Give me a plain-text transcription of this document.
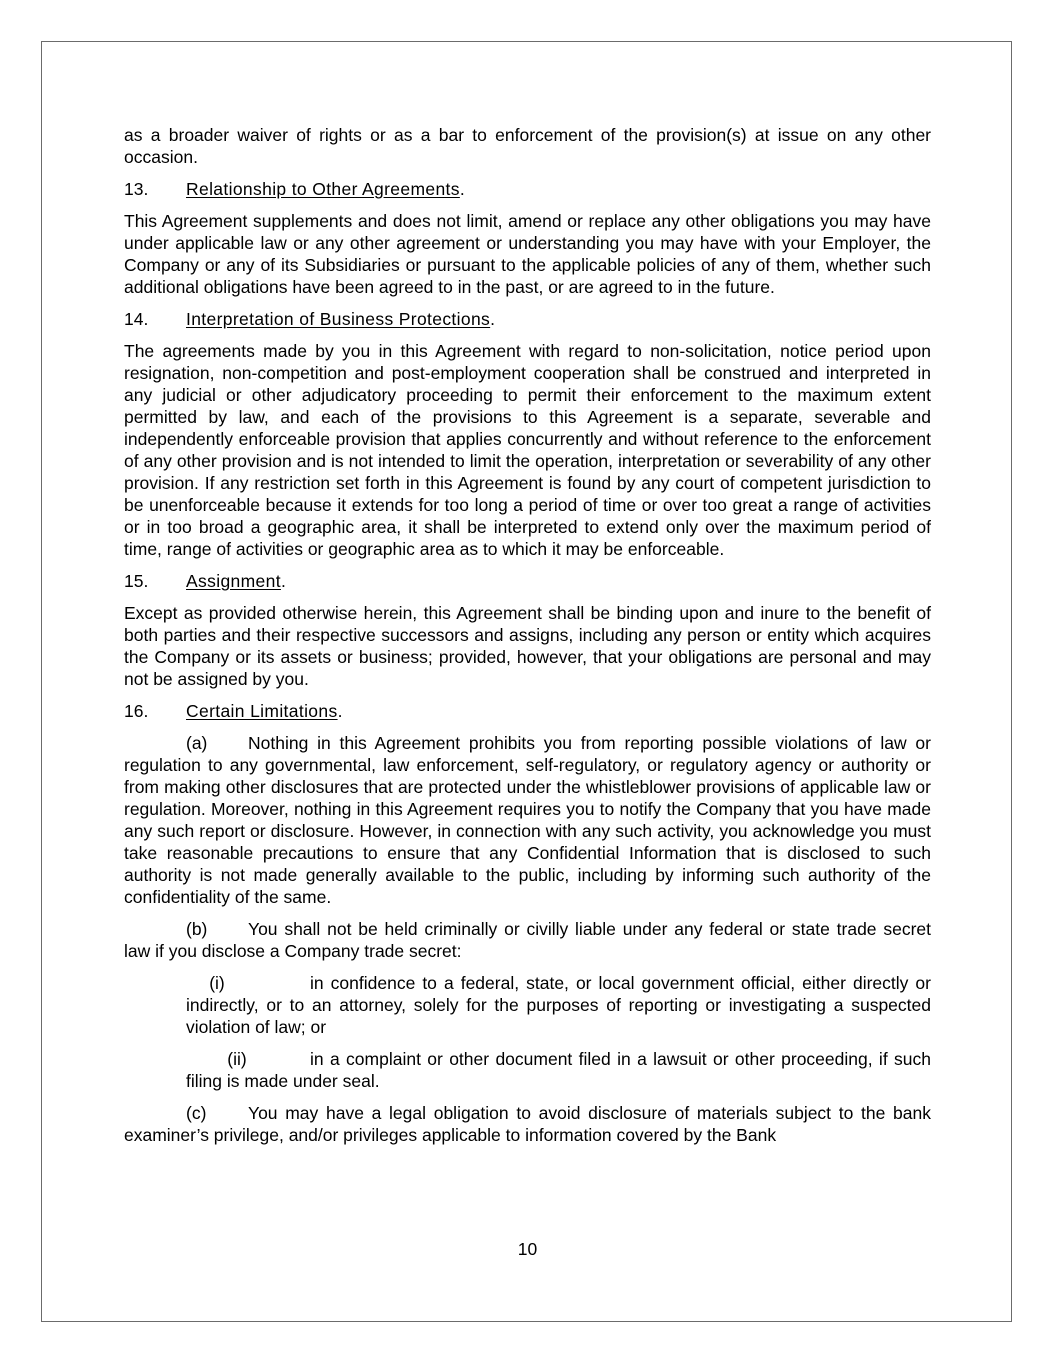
as a broader waiver of rights or as a bar to enforcement of the provision(s) at issue on any other occasion.

13.	Relationship to Other Agreements.

This Agreement supplements and does not limit, amend or replace any other obligations you may have under applicable law or any other agreement or understanding you may have with your Employer, the Company or any of its Subsidiaries or pursuant to the applicable policies of any of them, whether such additional obligations have been agreed to in the past, or are agreed to in the future.

14.	Interpretation of Business Protections.

The agreements made by you in this Agreement with regard to non-solicitation, notice period upon resignation, non-competition and post-employment cooperation shall be construed and interpreted in any judicial or other adjudicatory proceeding to permit their enforcement to the maximum extent permitted by law, and each of the provisions to this Agreement is a separate, severable and independently enforceable provision that applies concurrently and without reference to the enforcement of any other provision and is not intended to limit the operation, interpretation or severability of any other provision. If any restriction set forth in this Agreement is found by any court of competent jurisdiction to be unenforceable because it extends for too long a period of time or over too great a range of activities or in too broad a geographic area, it shall be interpreted to extend only over the maximum period of time, range of activities or geographic area as to which it may be enforceable.

15.	Assignment.

Except as provided otherwise herein, this Agreement shall be binding upon and inure to the benefit of both parties and their respective successors and assigns, including any person or entity which acquires the Company or its assets or business; provided, however, that your obligations are personal and may not be assigned by you.

16.	Certain Limitations.

(a) Nothing in this Agreement prohibits you from reporting possible violations of law or regulation to any governmental, law enforcement, self-regulatory, or regulatory agency or authority or from making other disclosures that are protected under the whistleblower provisions of applicable law or regulation. Moreover, nothing in this Agreement requires you to notify the Company that you have made any such report or disclosure. However, in connection with any such activity, you acknowledge you must take reasonable precautions to ensure that any Confidential Information that is disclosed to such authority is not made generally available to the public, including by informing such authority of the confidentiality of the same.

(b) You shall not be held criminally or civilly liable under any federal or state trade secret law if you disclose a Company trade secret:

(i)	in confidence to a federal, state, or local government official, either directly or indirectly, or to an attorney, solely for the purposes of reporting or investigating a suspected violation of law; or

(ii)	in a complaint or other document filed in a lawsuit or other proceeding, if such filing is made under seal.

(c) You may have a legal obligation to avoid disclosure of materials subject to the bank examiner’s privilege, and/or privileges applicable to information covered by the Bank

10
